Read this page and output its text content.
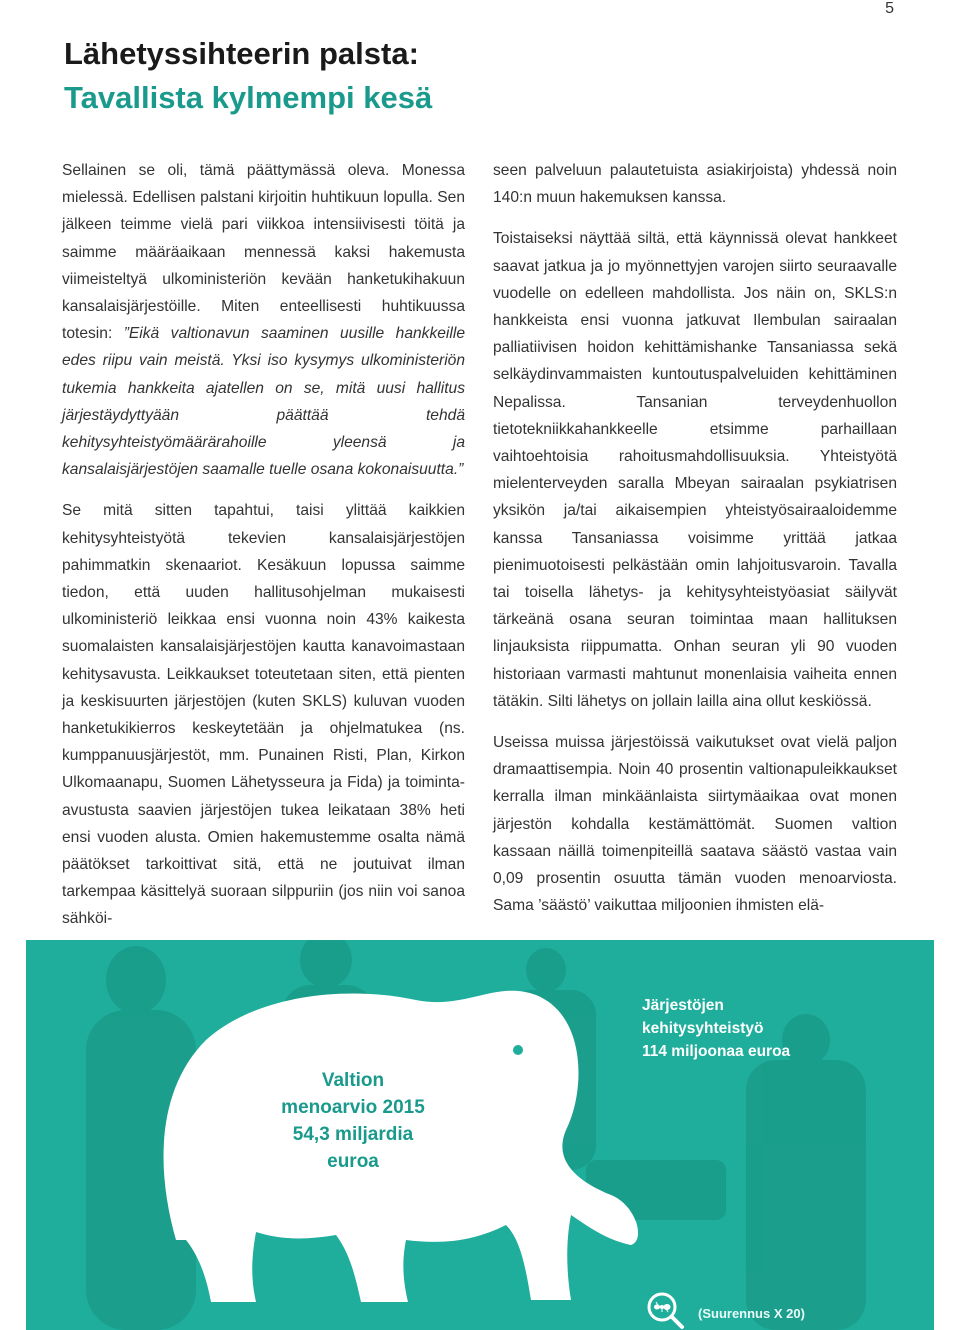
5
Lähetyssihteerin palsta:
Tavallista kylmempi kesä

Sellainen se oli, tämä päättymässä oleva. Monessa mielessä. Edellisen palstani kirjoitin huhtikuun lopulla. Sen jälkeen teimme vielä pari viikkoa intensiivisesti töitä ja saimme määräaikaan mennessä kaksi hakemusta viimeisteltyä ulkoministeriön kevään hanketukihakuun kansalaisjärjestöille. Miten enteellisesti huhtikuussa totesin: ”Eikä valtionavun saaminen uusille hankkeille edes riipu vain meistä. Yksi iso kysymys ulkoministeriön tukemia hankkeita ajatellen on se, mitä uusi hallitus järjestäydyttyään päättää tehdä kehitysyhteistyömäärärahoille yleensä ja kansalaisjärjestöjen saamalle tuelle osana kokonaisuutta.”

Se mitä sitten tapahtui, taisi ylittää kaikkien kehitysyhteistyötä tekevien kansalaisjärjestöjen pahimmatkin skenaariot. Kesäkuun lopussa saimme tiedon, että uuden hallitusohjelman mukaisesti ulkoministeriö leikkaa ensi vuonna noin 43% kaikesta suomalaisten kansalaisjärjestöjen kautta kanavoimastaan kehitysavusta. Leikkaukset toteutetaan siten, että pienten ja keskisuurten järjestöjen (kuten SKLS) kuluvan vuoden hanketukikierros keskeytetään ja ohjelmatukea (ns. kumppanuusjärjestöt, mm. Punainen Risti, Plan, Kirkon Ulkomaanapu, Suomen Lähetysseura ja Fida) ja toiminta-avustusta saavien järjestöjen tukea leikataan 38% heti ensi vuoden alusta. Omien hakemustemme osalta nämä päätökset tarkoittivat sitä, että ne joutuivat ilman tarkempaa käsittelyä suoraan silppuriin (jos niin voi sanoa sähköi-

seen palveluun palautetuista asiakirjoista) yhdessä noin 140:n muun hakemuksen kanssa.

Toistaiseksi näyttää siltä, että käynnissä olevat hankkeet saavat jatkua ja jo myönnettyjen varojen siirto seuraavalle vuodelle on edelleen mahdollista. Jos näin on, SKLS:n hankkeista ensi vuonna jatkuvat Ilembulan sairaalan palliatiivisen hoidon kehittämishanke Tansaniassa sekä selkäydinvammaisten kuntoutuspalveluiden kehittäminen Nepalissa. Tansanian terveydenhuollon tietotekniikkahankkeelle etsimme parhaillaan vaihtoehtoisia rahoitusmahdollisuuksia. Yhteistyötä mielenterveyden saralla Mbeyan sairaalan psykiatrisen yksikön ja/tai aikaisempien yhteistyösairaaloidemme kanssa Tansaniassa voisimme yrittää jatkaa pienimuotoisesti pelkästään omin lahjoitusvaroin. Tavalla tai toisella lähetys- ja kehitysyhteistyöasiat säilyvät tärkeänä osana seuran toimintaa maan hallituksen linjauksista riippumatta. Onhan seuran yli 90 vuoden historiaan varmasti mahtunut monenlaisia vaiheita ennen tätäkin. Silti lähetys on jollain lailla aina ollut keskiössä.

Useissa muissa järjestöissä vaikutukset ovat vielä paljon dramaattisempia. Noin 40 prosentin valtionapuleikkaukset kerralla ilman minkäänlaista siirtymäaikaa ovat monen järjestön kohdalla kestämättömät. Suomen valtion kassaan näillä toimenpiteillä saatava säästö vastaa vain 0,09 prosentin osuutta tämän vuoden menoarviosta. Sama ’säästö’ vaikuttaa miljoonien ihmisten elä-

Valtion
menoarvio 2015
54,3 miljardia
euroa
Järjestöjen
kehitysyhteistyö
114 miljoonaa euroa
(Suurennus X 20)
